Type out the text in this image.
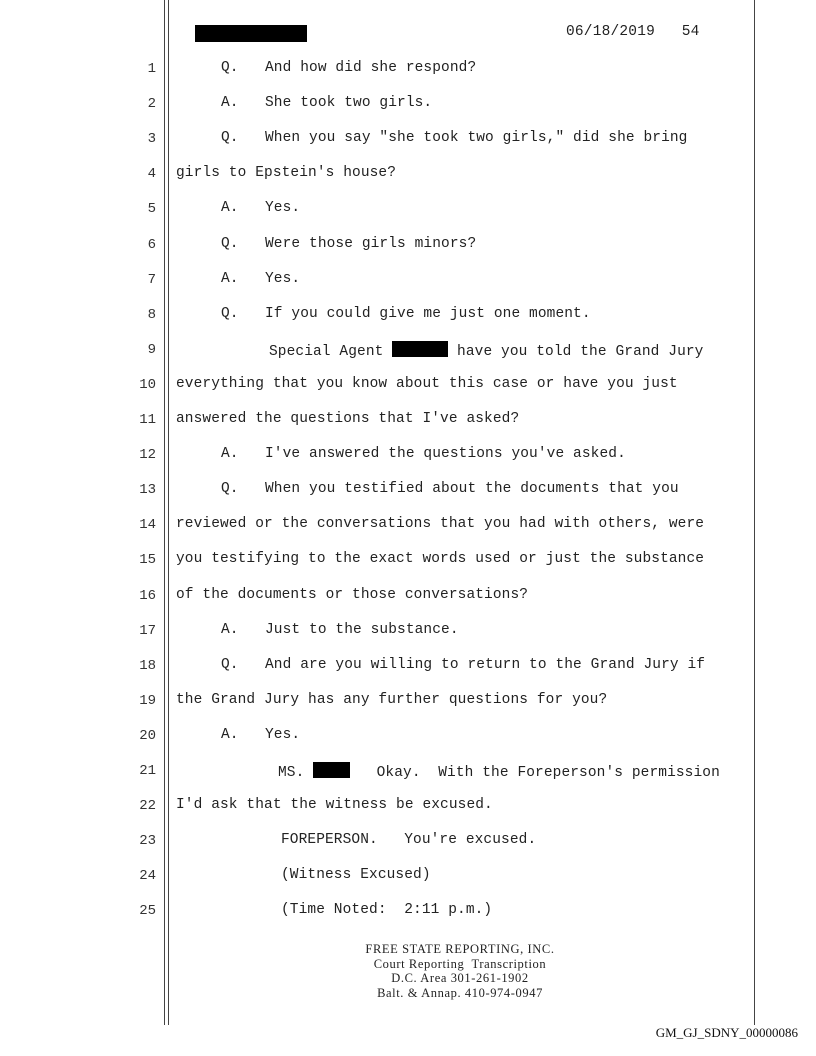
06/18/2019   54
1	Q.   And how did she respond?
2	A.   She took two girls.
3	Q.   When you say "she took two girls," did she bring
4 girls to Epstein's house?
5	A.   Yes.
6	Q.   Were those girls minors?
7	A.   Yes.
8	Q.   If you could give me just one moment.
9	Special Agent	have you told the Grand Jury
10 everything that you know about this case or have you just
11 answered the questions that I've asked?
12	A.   I've answered the questions you've asked.
13	Q.   When you testified about the documents that you
14 reviewed or the conversations that you had with others, were
15 you testifying to the exact words used or just the substance
16 of the documents or those conversations?
17	A.   Just to the substance.
18	Q.   And are you willing to return to the Grand Jury if
19 the Grand Jury has any further questions for you?
20	A.   Yes.
21	MS.	Okay.  With the Foreperson's permission
22 I'd ask that the witness be excused.
23	FOREPERSON.   You're excused.
24	(Witness Excused)
25	(Time Noted:  2:11 p.m.)
FREE STATE REPORTING, INC.
Court Reporting  Transcription
D.C. Area 301-261-1902
Balt. & Annap. 410-974-0947
GM_GJ_SDNY_00000086
